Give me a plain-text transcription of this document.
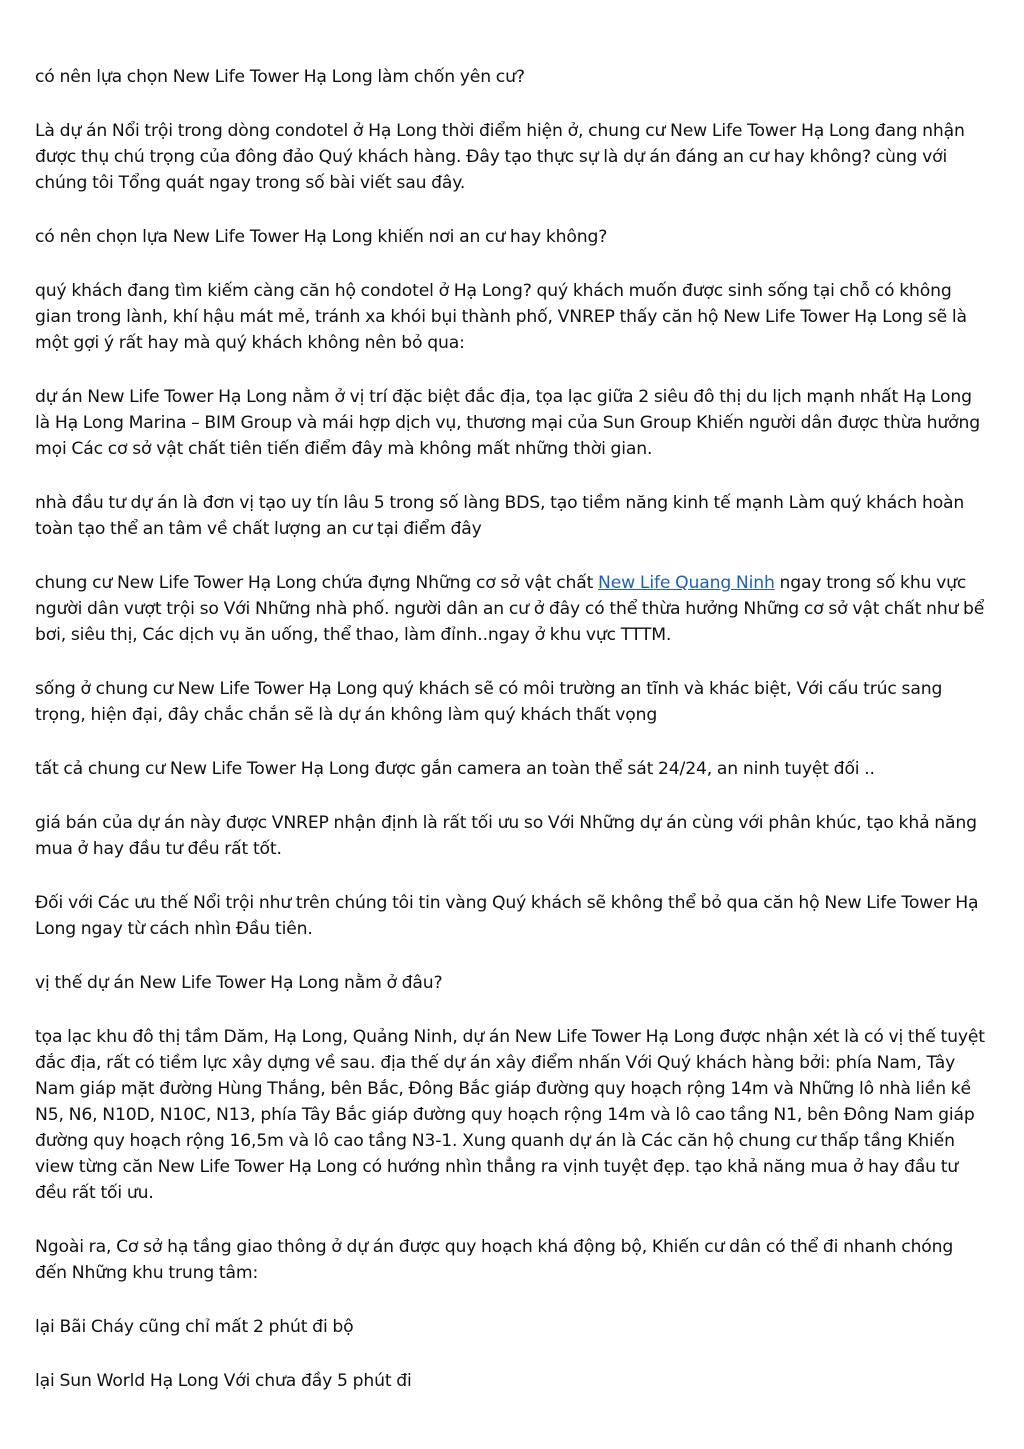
có nên lựa chọn New Life Tower Hạ Long làm chốn yên cư?

Là dự án Nổi trội trong dòng condotel ở Hạ Long thời điểm hiện ở, chung cư New Life Tower Hạ Long đang nhận được thụ chú trọng của đông đảo Quý khách hàng. Đây tạo thực sự là dự án đáng an cư hay không? cùng với chúng tôi Tổng quát ngay trong số bài viết sau đây.

có nên chọn lựa New Life Tower Hạ Long khiến nơi an cư hay không?

quý khách đang tìm kiếm càng căn hộ condotel ở Hạ Long? quý khách muốn được sinh sống tại chỗ có không gian trong lành, khí hậu mát mẻ, tránh xa khói bụi thành phố, VNREP thấy căn hộ New Life Tower Hạ Long sẽ là một gợi ý rất hay mà quý khách không nên bỏ qua:

dự án New Life Tower Hạ Long nằm ở vị trí đặc biệt đắc địa, tọa lạc giữa 2 siêu đô thị du lịch mạnh nhất Hạ Long là Hạ Long Marina – BIM Group và mái hợp dịch vụ, thương mại của Sun Group Khiến người dân được thừa hưởng mọi Các cơ sở vật chất tiên tiến điểm đây mà không mất những thời gian.

nhà đầu tư dự án là đơn vị tạo uy tín lâu 5 trong số làng BDS, tạo tiềm năng kinh tế mạnh Làm quý khách hoàn toàn tạo thể an tâm về chất lượng an cư tại điểm đây

chung cư New Life Tower Hạ Long chứa đựng Những cơ sở vật chất New Life Quang Ninh ngay trong số khu vực người dân vượt trội so Với Những nhà phố. người dân an cư ở đây có thể thừa hưởng Những cơ sở vật chất như bể bơi, siêu thị, Các dịch vụ ăn uống, thể thao, làm đỉnh..ngay ở khu vực TTTM.

sống ở chung cư New Life Tower Hạ Long quý khách sẽ có môi trường an tĩnh và khác biệt, Với cấu trúc sang trọng, hiện đại, đây chắc chắn sẽ là dự án không làm quý khách thất vọng

tất cả chung cư New Life Tower Hạ Long được gắn camera an toàn thể sát 24/24, an ninh tuyệt đối ..

giá bán của dự án này được VNREP nhận định là rất tối ưu so Với Những dự án cùng với phân khúc, tạo khả năng mua ở hay đầu tư đều rất tốt.

Đối với Các ưu thế Nổi trội như trên chúng tôi tin vàng Quý khách sẽ không thể bỏ qua căn hộ New Life Tower Hạ Long ngay từ cách nhìn Đầu tiên.

vị thế dự án New Life Tower Hạ Long nằm ở đâu?

tọa lạc khu đô thị tầm Dăm, Hạ Long, Quảng Ninh, dự án New Life Tower Hạ Long được nhận xét là có vị thế tuyệt đắc địa, rất có tiềm lực xây dựng về sau. địa thế dự án xây điểm nhấn Với Quý khách hàng bởi: phía Nam, Tây Nam giáp mặt đường Hùng Thắng, bên Bắc, Đông Bắc giáp đường quy hoạch rộng 14m và Những lô nhà liền kề N5, N6, N10D, N10C, N13, phía Tây Bắc giáp đường quy hoạch rộng 14m và lô cao tầng N1, bên Đông Nam giáp đường quy hoạch rộng 16,5m và lô cao tầng N3-1. Xung quanh dự án là Các căn hộ chung cư thấp tầng Khiến view từng căn New Life Tower Hạ Long có hướng nhìn thẳng ra vịnh tuyệt đẹp. tạo khả năng mua ở hay đầu tư đều rất tối ưu.

Ngoài ra, Cơ sở hạ tầng giao thông ở dự án được quy hoạch khá động bộ, Khiến cư dân có thể đi nhanh chóng đến Những khu trung tâm:

lại Bãi Cháy cũng chỉ mất 2 phút đi bộ

lại Sun World Hạ Long Với chưa đầy 5 phút đi
